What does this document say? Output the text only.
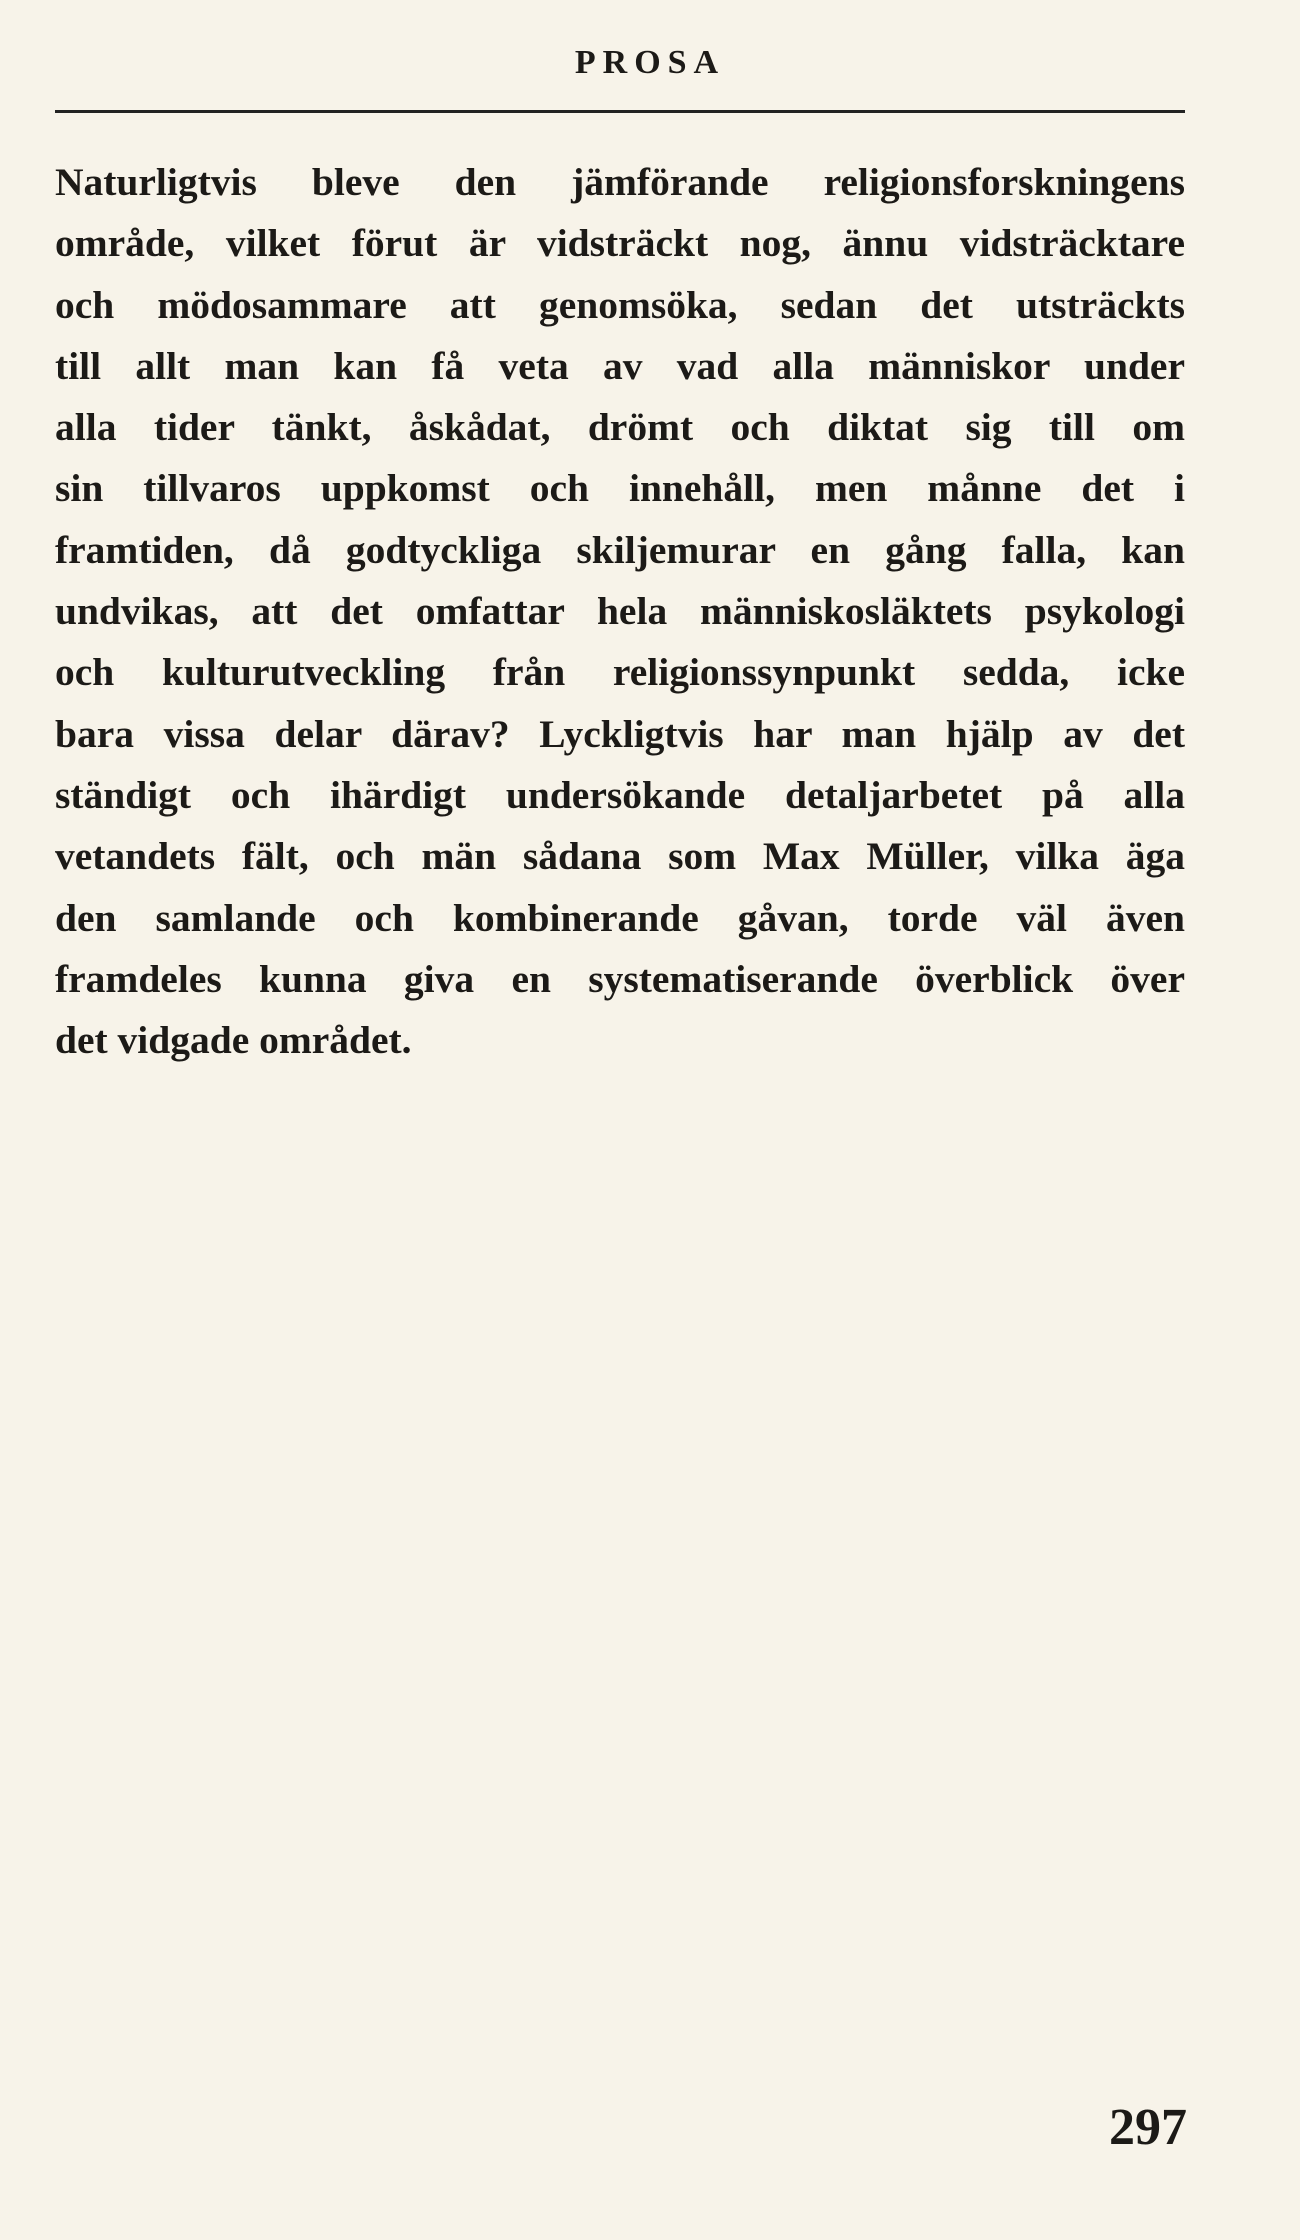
PROSA
Naturligtvis bleve den jämförande religionsforskningens
område, vilket förut är vidsträckt nog, ännu vidsträcktare
och mödosammare att genomsöka, sedan det utsträckts
till allt man kan få veta av vad alla människor under
alla tider tänkt, åskådat, drömt och diktat sig till om
sin tillvaros uppkomst och innehåll, men månne det i
framtiden, då godtyckliga skiljemurar en gång falla, kan
undvikas, att det omfattar hela människosläktets psykologi
och kulturutveckling från religionssynpunkt sedda, icke
bara vissa delar därav? Lyckligtvis har man hjälp av det
ständigt och ihärdigt undersökande detaljarbetet på alla
vetandets fält, och män sådana som Max Müller, vilka äga
den samlande och kombinerande gåvan, torde väl även
framdeles kunna giva en systematiserande överblick över
det vidgade området.
297
